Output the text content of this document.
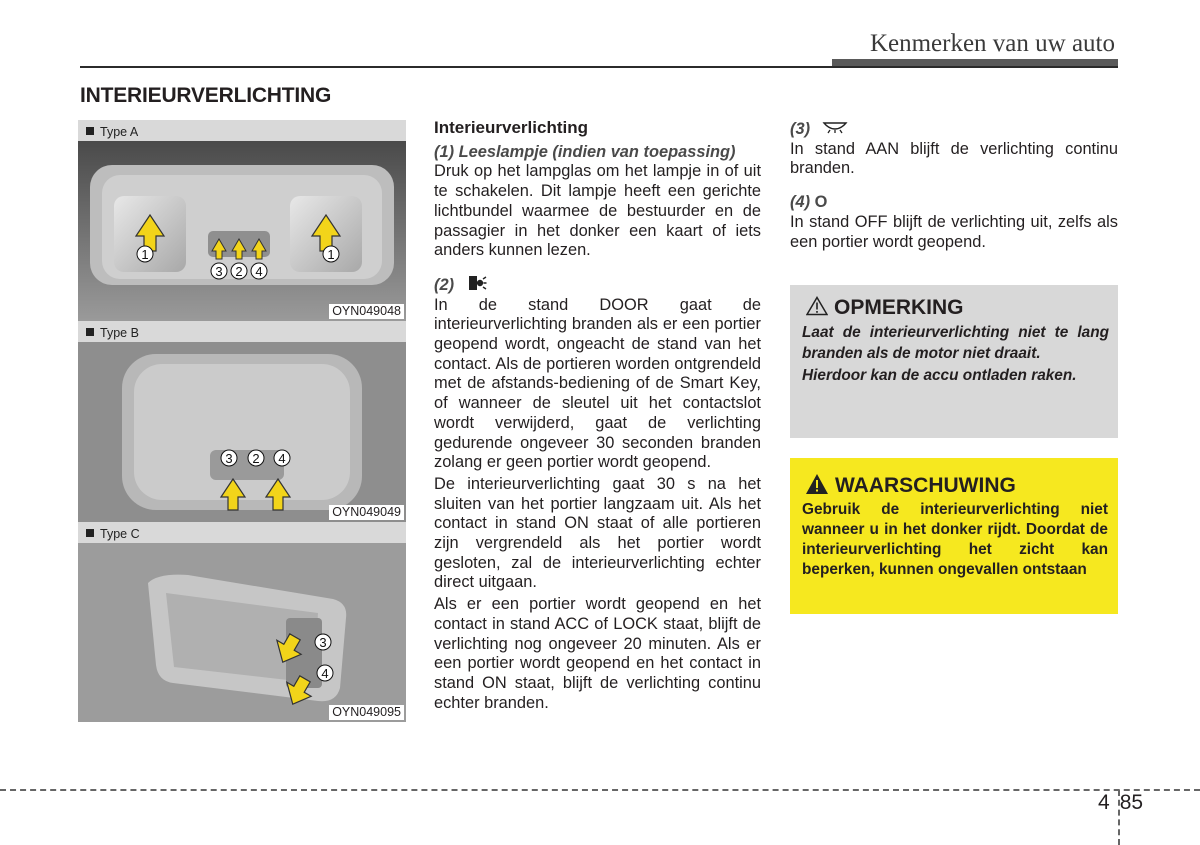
Kenmerken van uw auto
INTERIEURVERLICHTING
Type A
1
3 2 4
1
OYN049048
Type B
3 2 4
OYN049049
Type C
3
4
OYN049095
Interieurverlichting

(1) Leeslampje (indien van toepassing)

Druk op het lampglas om het lampje in of uit te schakelen. Dit lampje heeft een gerichte lichtbundel waarmee de bestuurder en de passagier in het donker een kaart of iets anders kunnen lezen.

(2)

In de stand DOOR gaat de interieurverlichting branden als er een portier geopend wordt, ongeacht de stand van het contact. Als de portieren worden ontgrendeld met de afstands-bediening of de Smart Key, of wanneer de sleutel uit het contactslot wordt verwijderd, gaat de verlichting gedurende ongeveer 30 seconden branden zolang er geen portier wordt geopend.

De interieurverlichting gaat 30 s na het sluiten van het portier langzaam uit. Als het contact in stand ON staat of alle portieren zijn vergrendeld als het portier wordt gesloten, zal de interieurverlichting echter direct uitgaan.

Als er een portier wordt geopend en het contact in stand ACC of LOCK staat, blijft de verlichting nog ongeveer 20 minuten. Als er een portier wordt geopend en het contact in stand ON staat, blijft de verlichting continu echter branden.

(3)

In stand AAN blijft de verlichting continu branden.

(4) O

In stand OFF blijft de verlichting uit, zelfs als een portier wordt geopend.

OPMERKING
Laat de interieurverlichting niet te lang branden als de motor niet draait.
Hierdoor kan de accu ontladen raken.
WAARSCHUWING
Gebruik de interieurverlichting niet wanneer u in het donker rijdt. Doordat de interieurverlichting het zicht kan beperken, kunnen ongevallen ontstaan
4 85
